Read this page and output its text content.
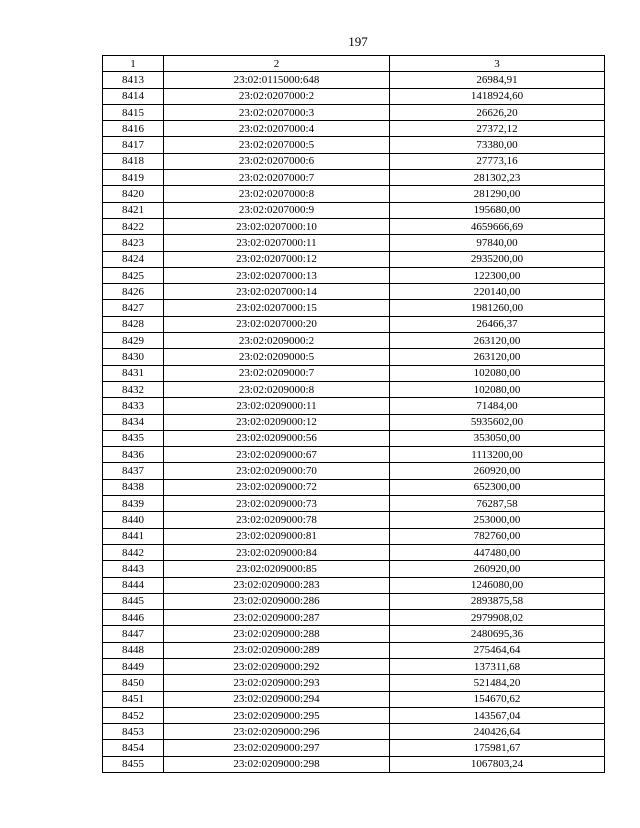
197
1	2	3
8413	23:02:0115000:648	26984,91
8414	23:02:0207000:2	1418924,60
8415	23:02:0207000:3	26626,20
8416	23:02:0207000:4	27372,12
8417	23:02:0207000:5	73380,00
8418	23:02:0207000:6	27773,16
8419	23:02:0207000:7	281302,23
8420	23:02:0207000:8	281290,00
8421	23:02:0207000:9	195680,00
8422	23:02:0207000:10	4659666,69
8423	23:02:0207000:11	97840,00
8424	23:02:0207000:12	2935200,00
8425	23:02:0207000:13	122300,00
8426	23:02:0207000:14	220140,00
8427	23:02:0207000:15	1981260,00
8428	23:02:0207000:20	26466,37
8429	23:02:0209000:2	263120,00
8430	23:02:0209000:5	263120,00
8431	23:02:0209000:7	102080,00
8432	23:02:0209000:8	102080,00
8433	23:02:0209000:11	71484,00
8434	23:02:0209000:12	5935602,00
8435	23:02:0209000:56	353050,00
8436	23:02:0209000:67	1113200,00
8437	23:02:0209000:70	260920,00
8438	23:02:0209000:72	652300,00
8439	23:02:0209000:73	76287,58
8440	23:02:0209000:78	253000,00
8441	23:02:0209000:81	782760,00
8442	23:02:0209000:84	447480,00
8443	23:02:0209000:85	260920,00
8444	23:02:0209000:283	1246080,00
8445	23:02:0209000:286	2893875,58
8446	23:02:0209000:287	2979908,02
8447	23:02:0209000:288	2480695,36
8448	23:02:0209000:289	275464,64
8449	23:02:0209000:292	137311,68
8450	23:02:0209000:293	521484,20
8451	23:02:0209000:294	154670,62
8452	23:02:0209000:295	143567,04
8453	23:02:0209000:296	240426,64
8454	23:02:0209000:297	175981,67
8455	23:02:0209000:298	1067803,24
